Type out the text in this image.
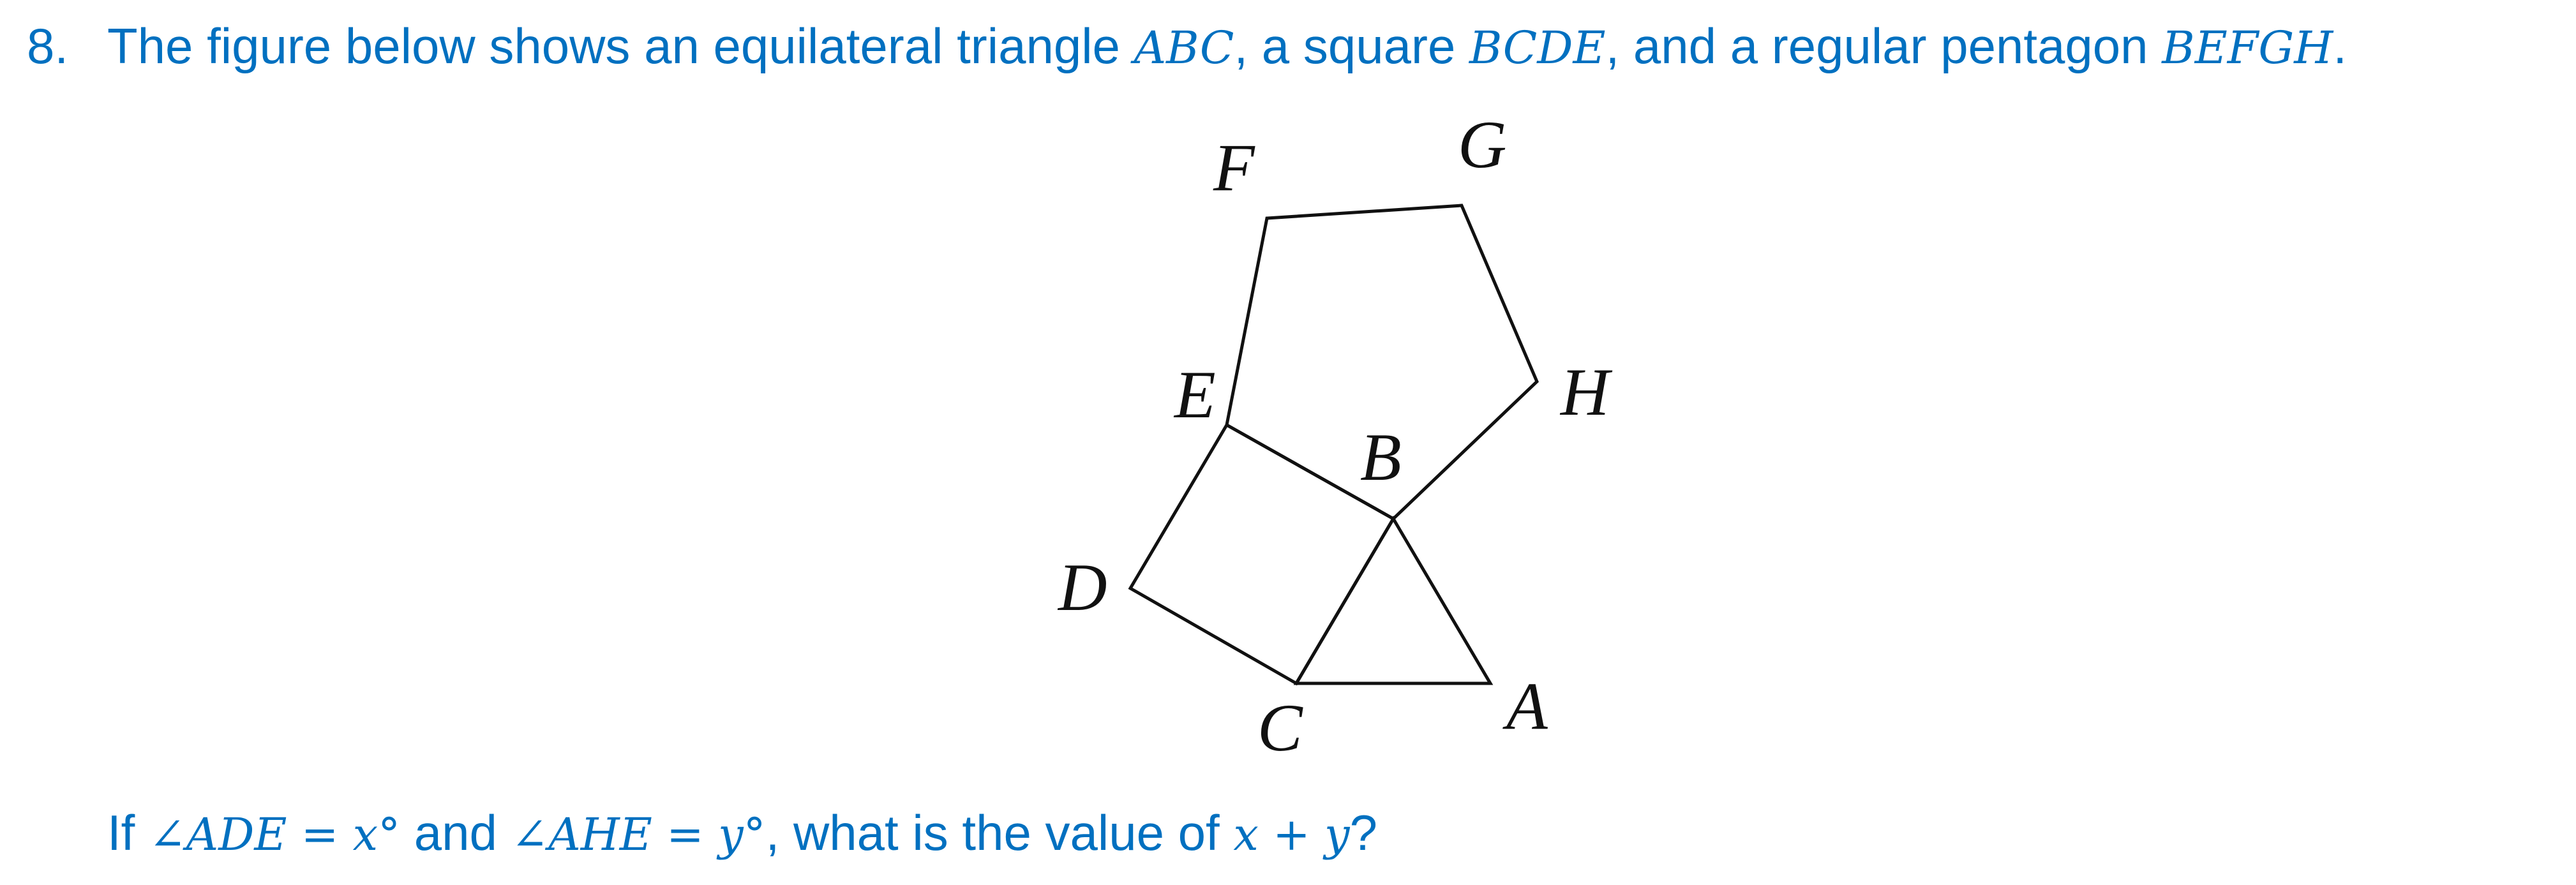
8. The figure below shows an equilateral triangle ABC, a square BCDE, and a regular pentagon BEFGH.
F	G
H
E
B
D
C	A
If ∠ADE = x° and ∠AHE = y°, what is the value of x + y?
